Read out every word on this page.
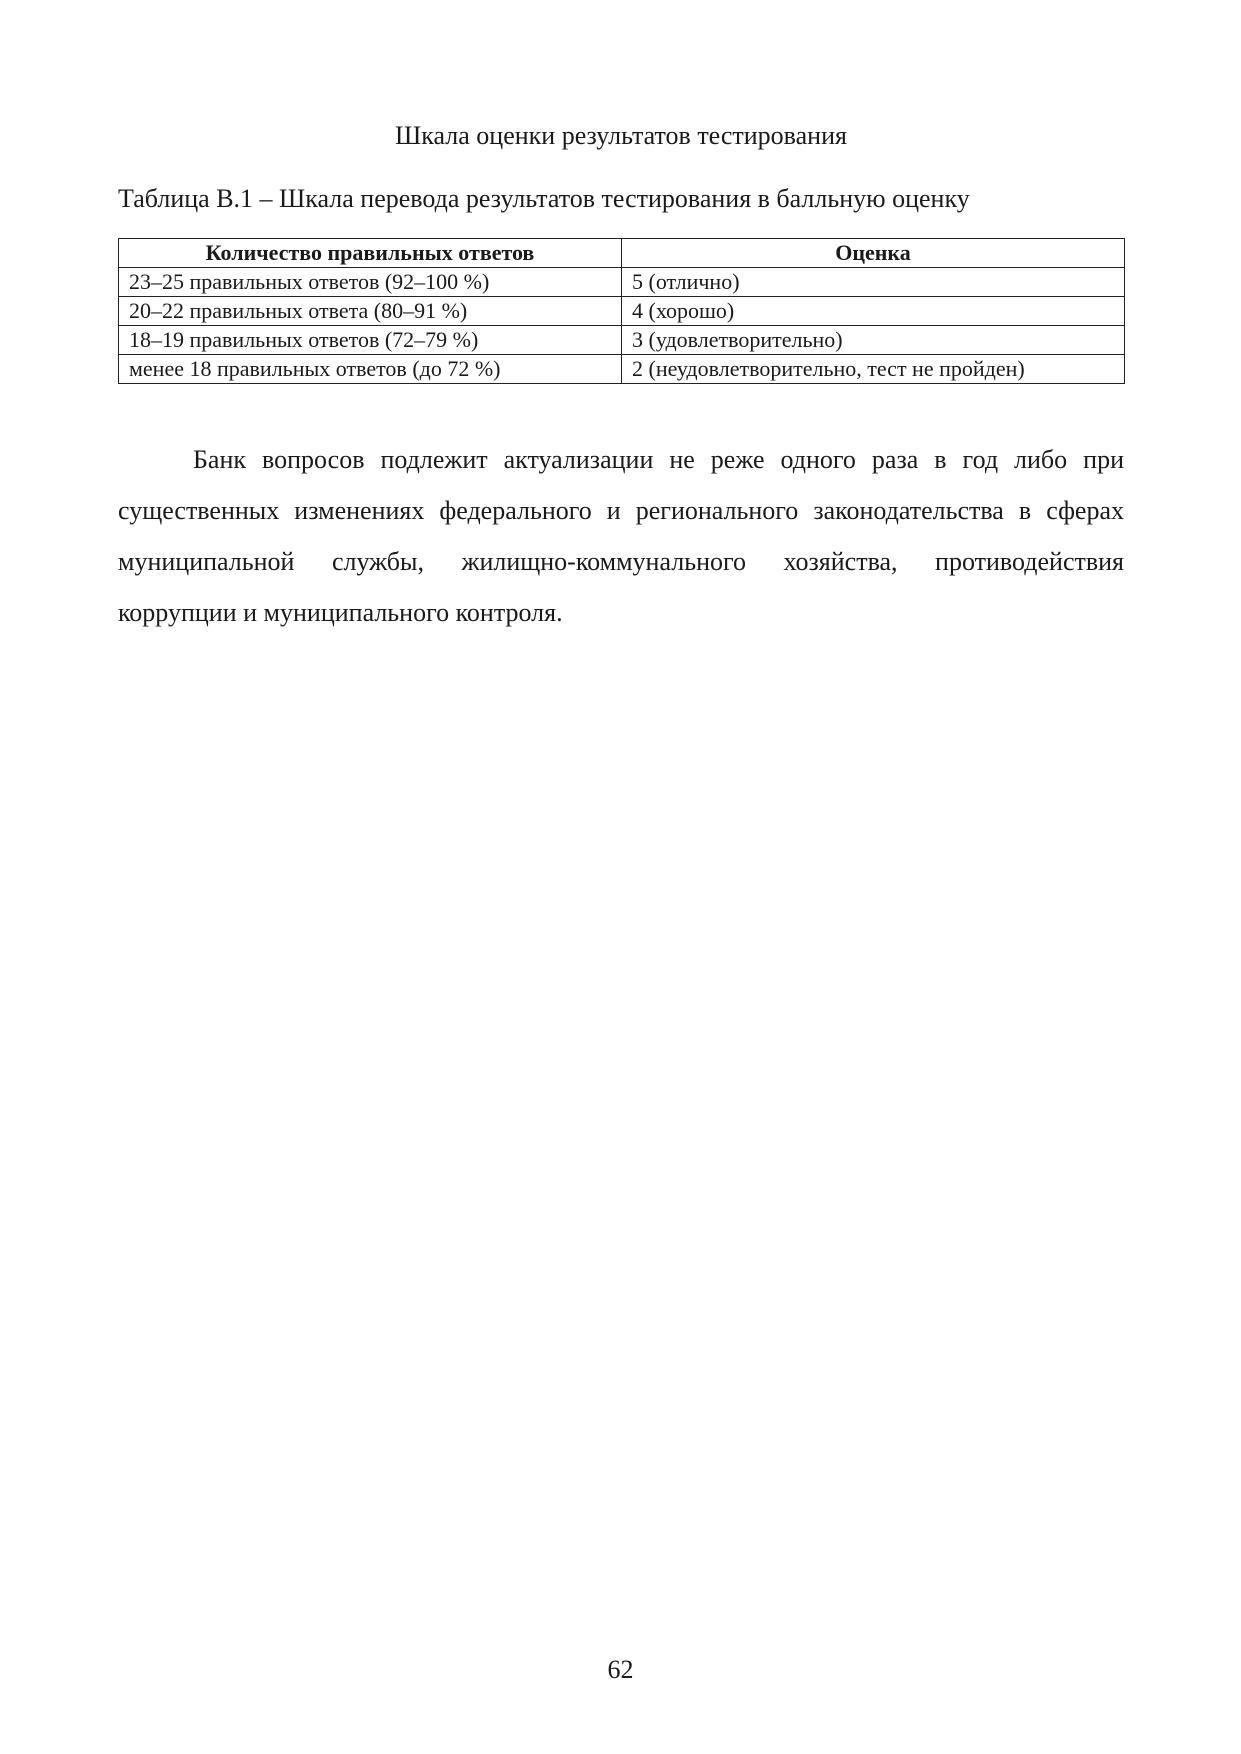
Шкала оценки результатов тестирования
Таблица В.1 – Шкала перевода результатов тестирования в балльную оценку
Количество правильных ответов	Оценка
23–25 правильных ответов (92–100 %)	5 (отлично)
20–22 правильных ответа (80–91 %)	4 (хорошо)
18–19 правильных ответов (72–79 %)	3 (удовлетворительно)
менее 18 правильных ответов (до 72 %)	2 (неудовлетворительно, тест не пройден)

Банк вопросов подлежит актуализации не реже одного раза в год либо при существенных изменениях федерального и регионального законодательства в сферах муниципальной службы, жилищно-коммунального хозяйства, противодействия коррупции и муниципального контроля.

62
